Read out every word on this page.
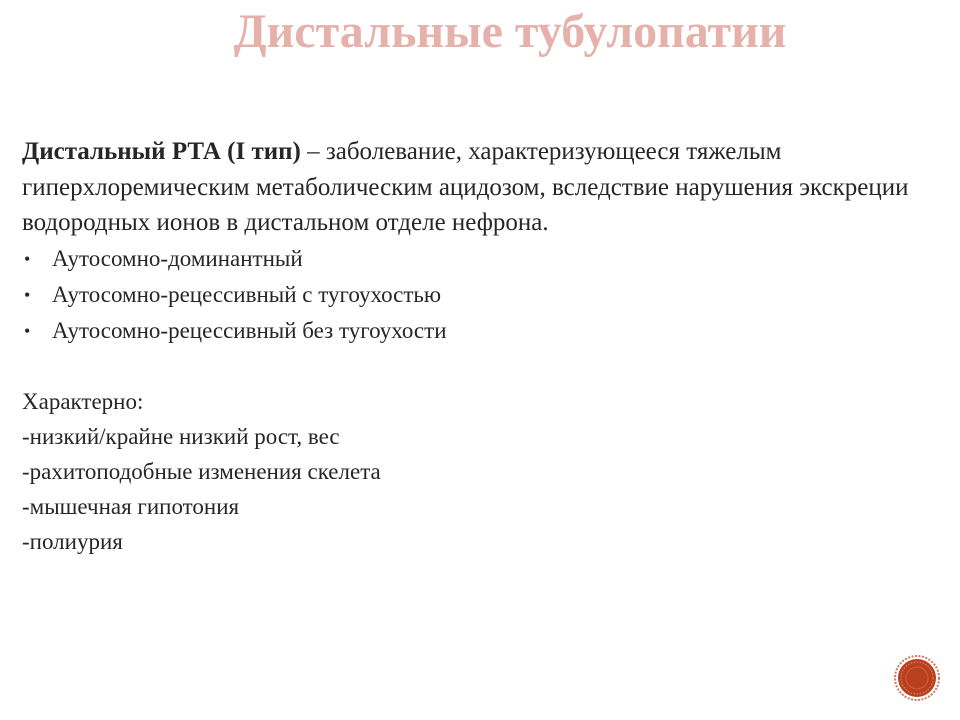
Дистальные тубулопатии

Дистальный РТА (I тип) – заболевание, характеризующееся тяжелым гиперхлоремическим метаболическим ацидозом, вследствие нарушения экскреции водородных ионов в дистальном отделе нефрона.

• Аутосомно-доминантный
• Аутосомно-рецессивный с тугоухостью
• Аутосомно-рецессивный без тугоухости

Характерно:

-низкий/крайне низкий рост, вес

-рахитоподобные изменения скелета

-мышечная гипотония

-полиурия
